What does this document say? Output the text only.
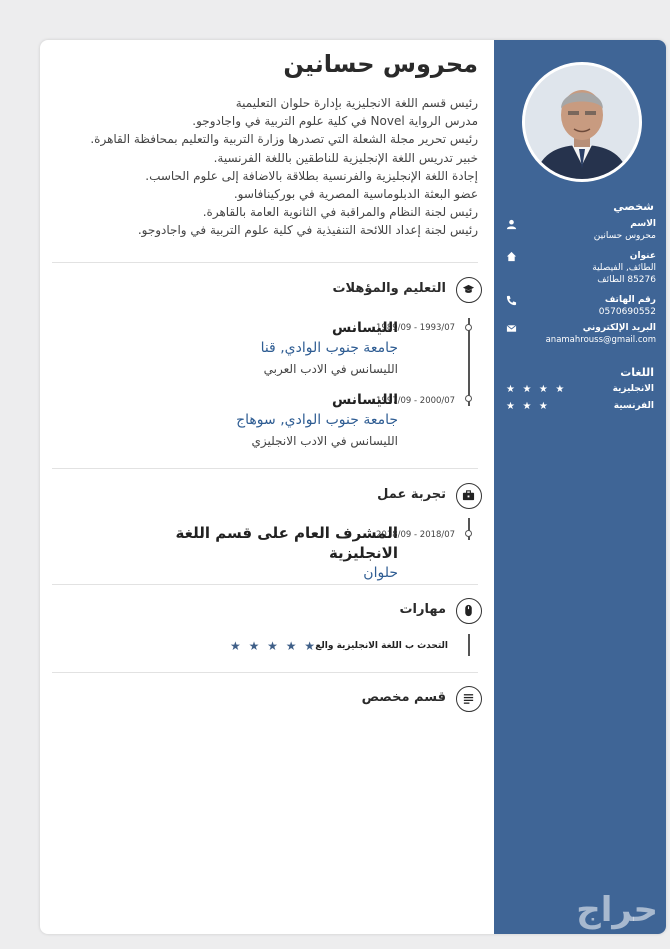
شخصي
الاسم
محروس حسانين
عنوان
الطائف, الفيصلية
85276 الطائف
رقم الهاتف
0570690552
البريد الإلكتروني
anamahrouss@gmail.com
اللغات
الانجليزية
★ ★ ★ ★
الفرنسية
★ ★ ★
حراج
محروس حسانين
رئيس قسم اللغة الانجليزية بإدارة حلوان التعليمية
مدرس الرواية Novel في كلية علوم التربية في واجادوجو.
رئيس تحرير مجلة الشعلة التي تصدرها وزارة التربية والتعليم بمحافظة القاهرة.
خبير تدريس اللغة الإنجليزية للناطقين باللغة الفرنسية.
إجادة اللغة الإنجليزية والفرنسية بطلاقة بالاضافة إلى علوم الحاسب.
عضو البعثة الدبلوماسية المصرية في بوركينافاسو.
رئيس لجنة النظام والمراقبة في الثانوية العامة بالقاهرة.
رئيس لجنة إعداد اللائحة التنفيذية في كلية علوم التربية في واجادوجو.
التعليم والمؤهلات
1989/09 - 1993/07
الليسانس
جامعة جنوب الوادي, قنا
الليسانس في الادب العربي
1997/09 - 2000/07
الليسانس
جامعة جنوب الوادي, سوهاج
الليسانس في الادب الانجليزي
تجربة عمل
2018/09 - 2018/07
المشرف العام على قسم اللغة الانجليزية
حلوان
مهارات
التحدث ب اللغة الانجليزية والع
★ ★ ★ ★ ★
قسم مخصص
